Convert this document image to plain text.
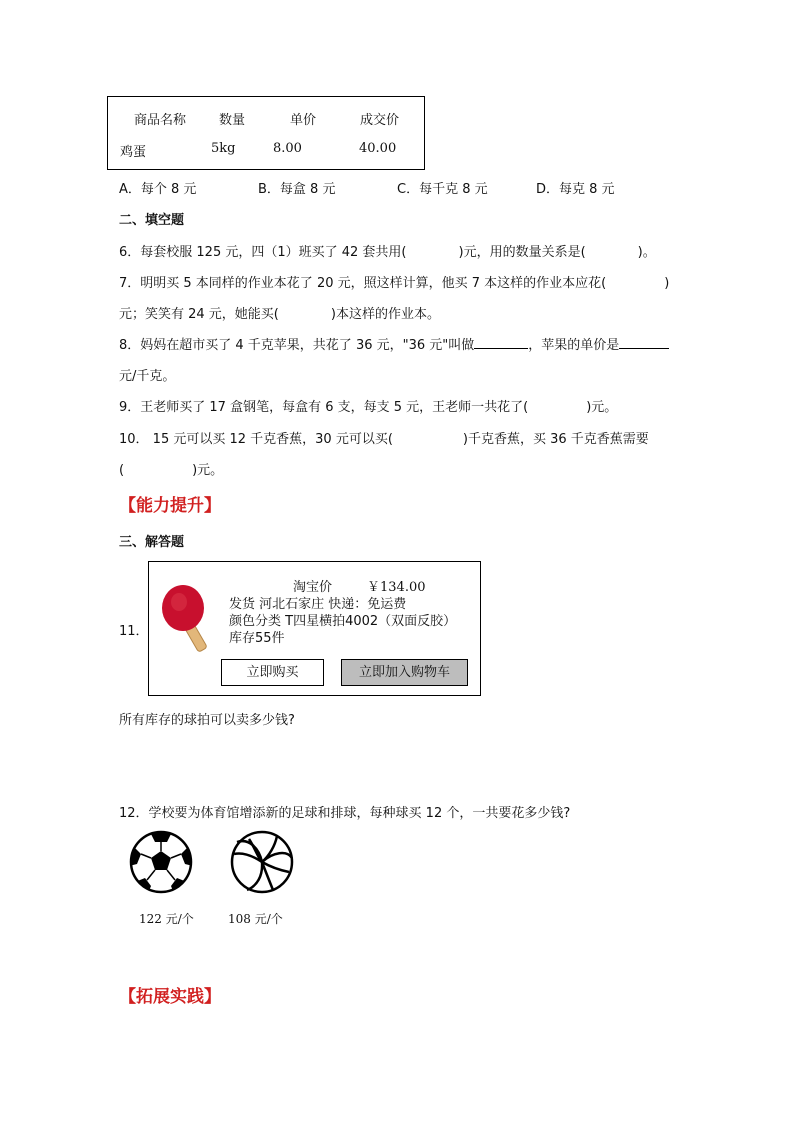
商品名称	数量	单价	成交价
鸡蛋	5kg	8.00	40.00
A．每个 8 元	B．每盒 8 元	C．每千克 8 元	D．每克 8 元
二、填空题
6．每套校服 125 元，四（1）班买了 42 套共用(	)元，用的数量关系是(	)。
7．明明买 5 本同样的作业本花了 20 元，照这样计算，他买 7 本这样的作业本应花(	)
元；笑笑有 24 元，她能买(	)本这样的作业本。
8．妈妈在超市买了 4 千克苹果，共花了 36 元，"36 元"叫做	，苹果的单价是
元/千克。
9．王老师买了 17 盒钢笔，每盒有 6 支，每支 5 元，王老师一共花了(	)元。
10． 15 元可以买 12 千克香蕉，30 元可以买(	)千克香蕉，买 36 千克香蕉需要
(	)元。
【能力提升】
三、解答题
11．
淘宝价	￥134.00
发货 河北石家庄 快递：免运费
颜色分类 T四星横拍4002（双面反胶）
库存55件
立即购买	立即加入购物车
所有库存的球拍可以卖多少钱?
12．学校要为体育馆增添新的足球和排球，每种球买 12 个，一共要花多少钱?
122 元/个	108 元/个
【拓展实践】
